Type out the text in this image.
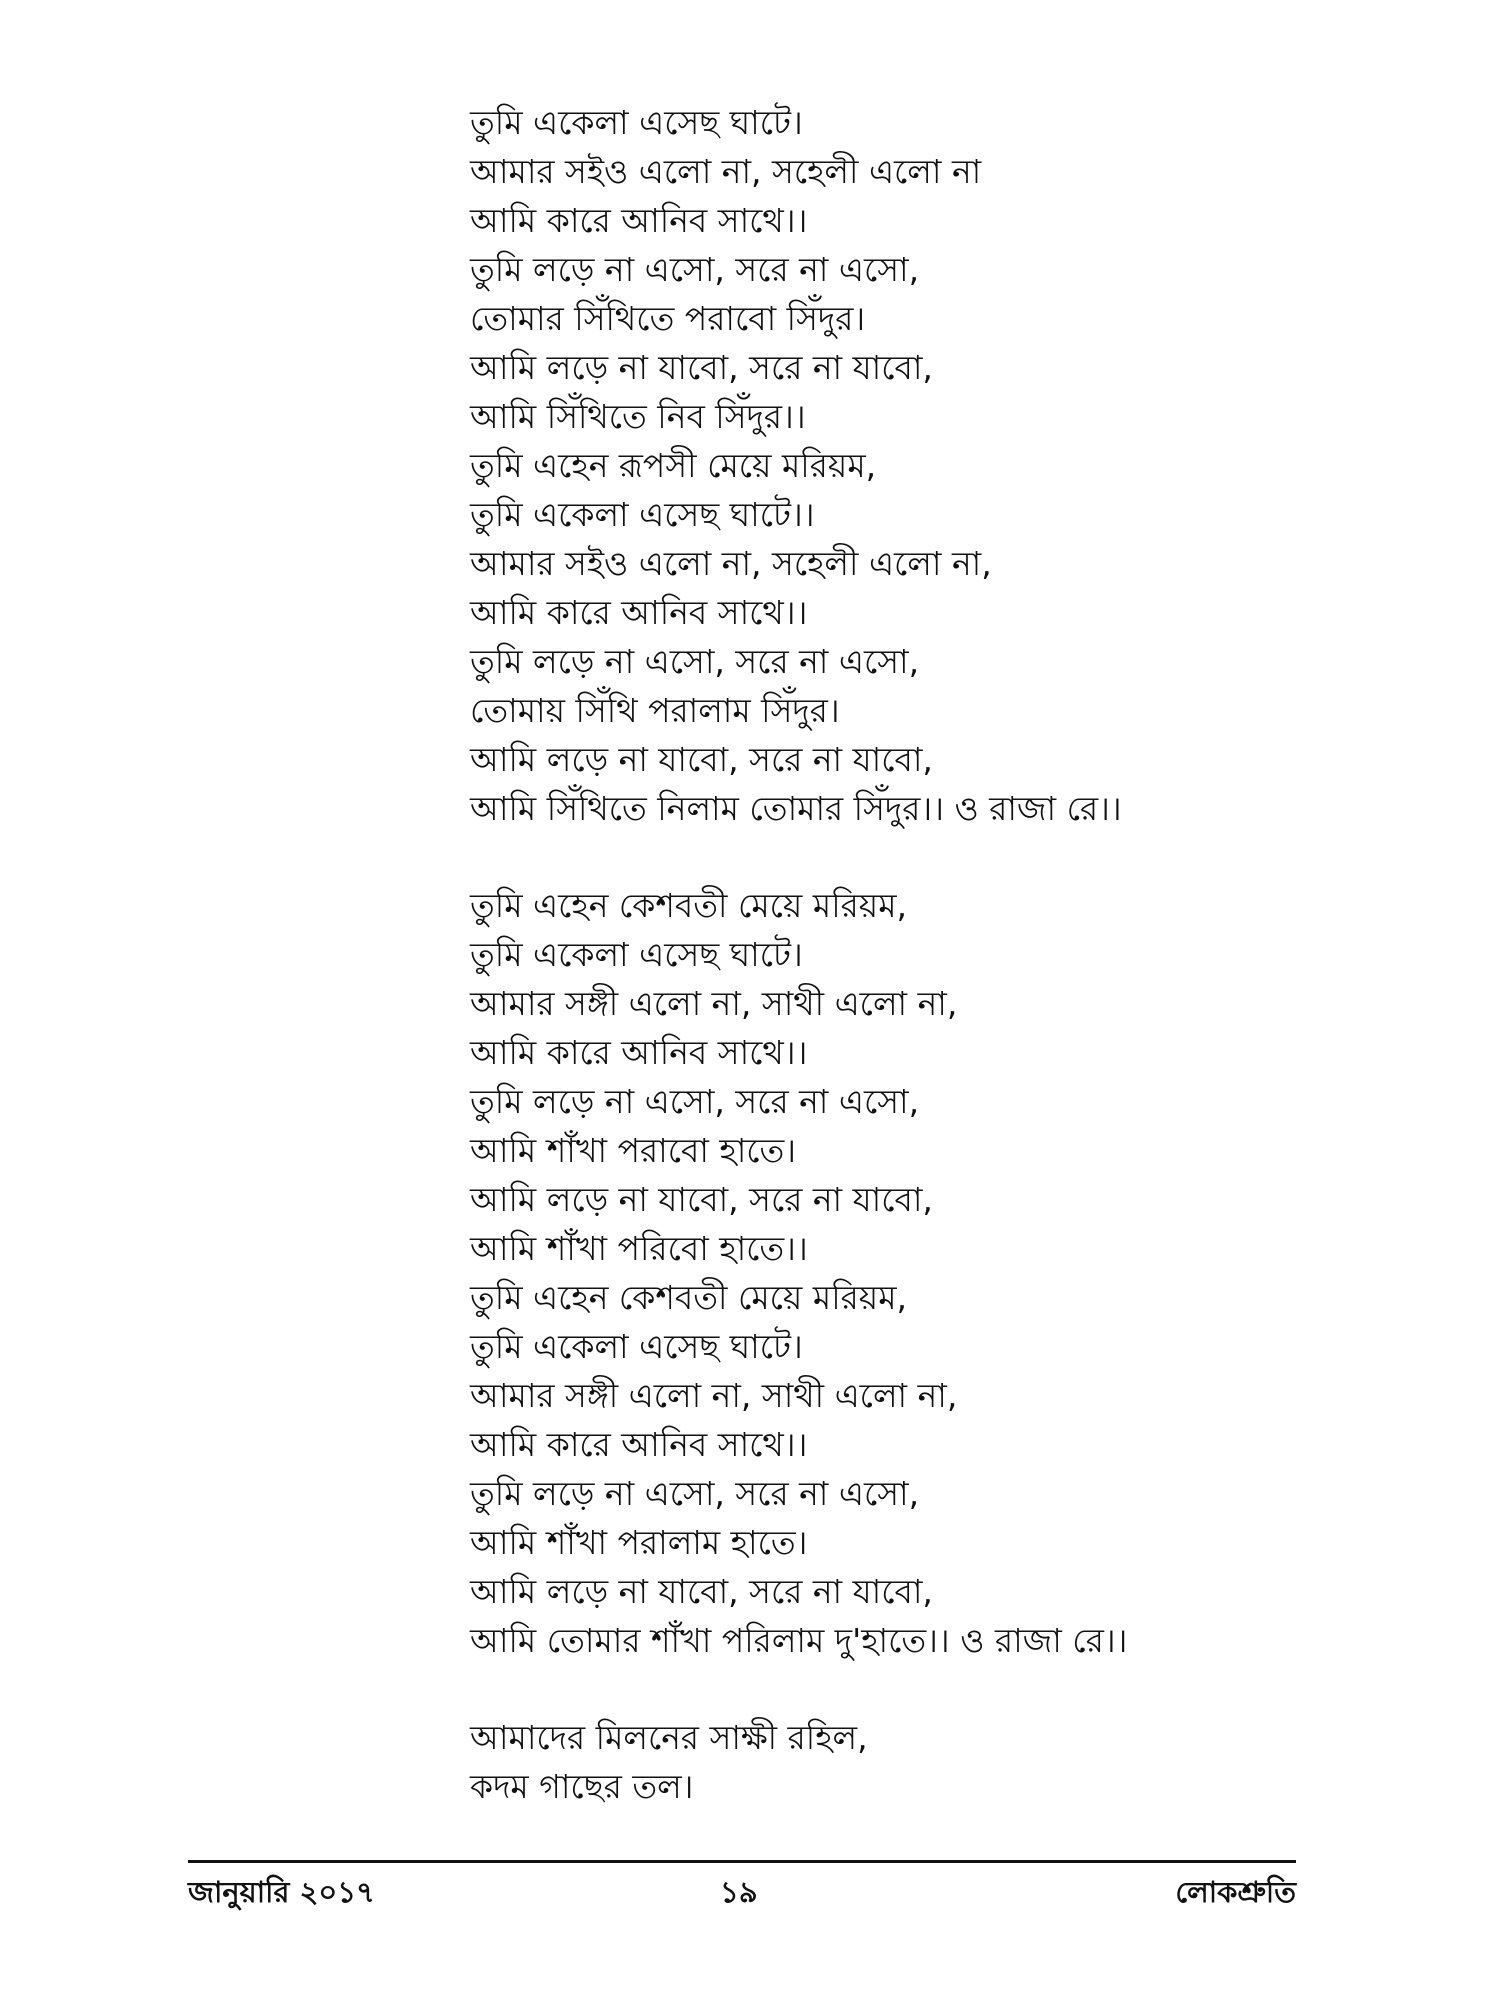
তুমি একেলা এসেছ ঘাটে।
আমার সইও এলো না, সহেলী এলো না
আমি কারে আনিব সাথে।।
তুমি লড়ে না এসো, সরে না এসো,
তোমার সিঁথিতে পরাবো সিঁদুর।
আমি লড়ে না যাবো, সরে না যাবো,
আমি সিঁথিতে নিব সিঁদুর।।
তুমি এহেন রূপসী মেয়ে মরিয়ম,
তুমি একেলা এসেছ ঘাটে।।
আমার সইও এলো না, সহেলী এলো না,
আমি কারে আনিব সাথে।।
তুমি লড়ে না এসো, সরে না এসো,
তোমায় সিঁথি পরালাম সিঁদুর।
আমি লড়ে না যাবো, সরে না যাবো,
আমি সিঁথিতে নিলাম তোমার সিঁদুর।। ও রাজা রে।।
তুমি এহেন কেশবতী মেয়ে মরিয়ম,
তুমি একেলা এসেছ ঘাটে।
আমার সঙ্গী এলো না, সাথী এলো না,
আমি কারে আনিব সাথে।।
তুমি লড়ে না এসো, সরে না এসো,
আমি শাঁখা পরাবো হাতে।
আমি লড়ে না যাবো, সরে না যাবো,
আমি শাঁখা পরিবো হাতে।।
তুমি এহেন কেশবতী মেয়ে মরিয়ম,
তুমি একেলা এসেছ ঘাটে।
আমার সঙ্গী এলো না, সাথী এলো না,
আমি কারে আনিব সাথে।।
তুমি লড়ে না এসো, সরে না এসো,
আমি শাঁখা পরালাম হাতে।
আমি লড়ে না যাবো, সরে না যাবো,
আমি তোমার শাঁখা পরিলাম দু'হাতে।। ও রাজা রে।।
আমাদের মিলনের সাক্ষী রহিল,
কদম গাছের তল।
জানুয়ারি ২০১৭	১৯	লোকশ্রুতি
